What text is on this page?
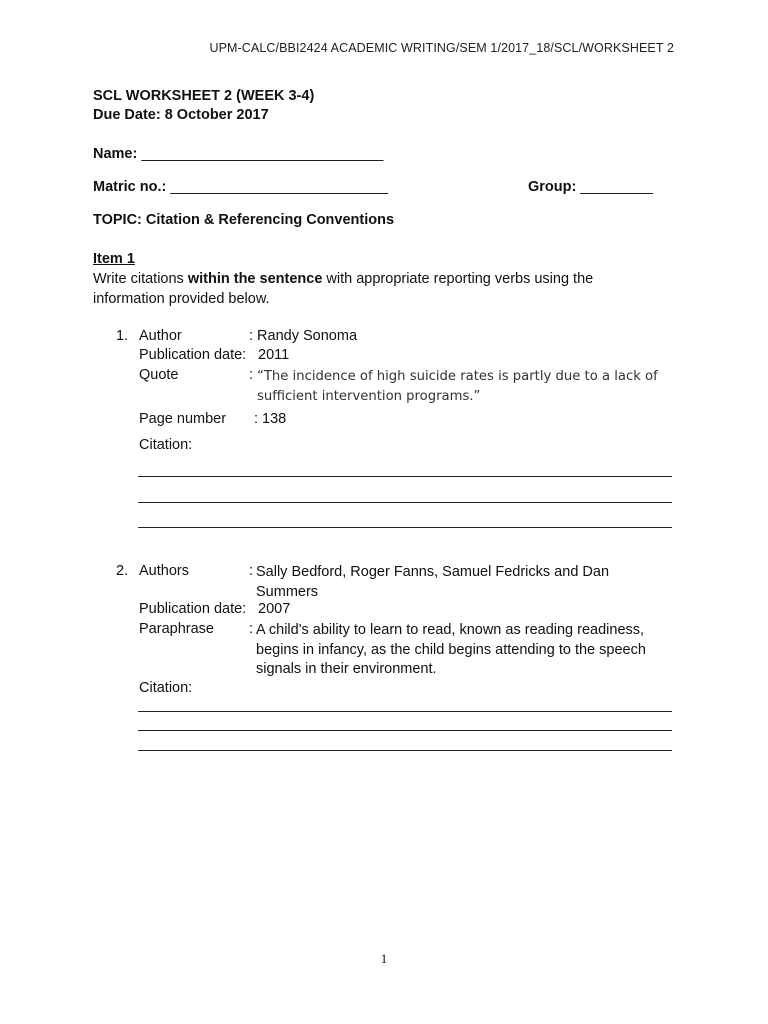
UPM-CALC/BBI2424 ACADEMIC WRITING/SEM 1/2017_18/SCL/WORKSHEET 2
SCL WORKSHEET 2 (WEEK 3-4)
Due Date: 8 October 2017
Name: ______________________________
Matric no.: ___________________________	Group: _________
TOPIC: Citation & Referencing Conventions
Item 1
Write citations within the sentence with appropriate reporting verbs using the information provided below.
1. Author	: Randy Sonoma
Publication date: 2011
Quote	: “The incidence of high suicide rates is partly due to a lack of sufficient intervention programs.”
Page number : 138
Citation:
2. Authors	: Sally Bedford, Roger Fanns, Samuel Fedricks and Dan Summers
Publication date: 2007
Paraphrase : A child's ability to learn to read, known as reading readiness, begins in infancy, as the child begins attending to the speech signals in their environment.
Citation:
1
